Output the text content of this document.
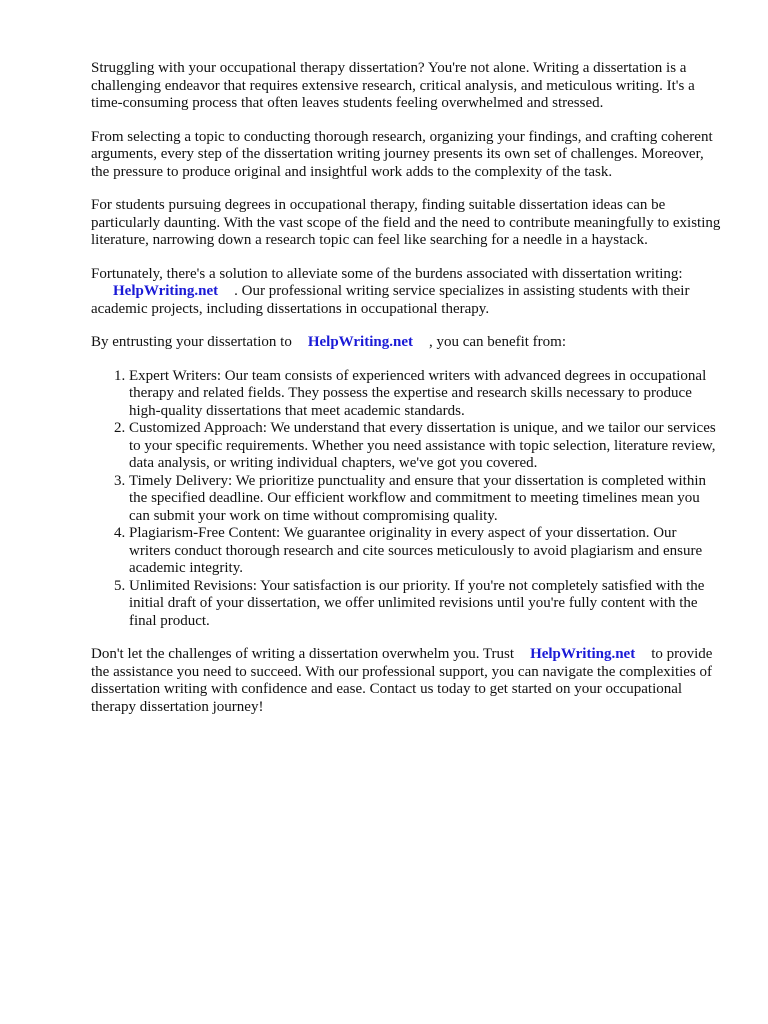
Struggling with your occupational therapy dissertation? You're not alone. Writing a dissertation is a challenging endeavor that requires extensive research, critical analysis, and meticulous writing. It's a time-consuming process that often leaves students feeling overwhelmed and stressed.

From selecting a topic to conducting thorough research, organizing your findings, and crafting coherent arguments, every step of the dissertation writing journey presents its own set of challenges. Moreover, the pressure to produce original and insightful work adds to the complexity of the task.

For students pursuing degrees in occupational therapy, finding suitable dissertation ideas can be particularly daunting. With the vast scope of the field and the need to contribute meaningfully to existing literature, narrowing down a research topic can feel like searching for a needle in a haystack.

Fortunately, there's a solution to alleviate some of the burdens associated with dissertation writing:
HelpWriting.net . Our professional writing service specializes in assisting students with their academic projects, including dissertations in occupational therapy.

By entrusting your dissertation to HelpWriting.net , you can benefit from:

1. Expert Writers: Our team consists of experienced writers with advanced degrees in occupational therapy and related fields. They possess the expertise and research skills necessary to produce high-quality dissertations that meet academic standards.
2. Customized Approach: We understand that every dissertation is unique, and we tailor our services to your specific requirements. Whether you need assistance with topic selection, literature review, data analysis, or writing individual chapters, we've got you covered.
3. Timely Delivery: We prioritize punctuality and ensure that your dissertation is completed within the specified deadline. Our efficient workflow and commitment to meeting timelines mean you can submit your work on time without compromising quality.
4. Plagiarism-Free Content: We guarantee originality in every aspect of your dissertation. Our writers conduct thorough research and cite sources meticulously to avoid plagiarism and ensure academic integrity.
5. Unlimited Revisions: Your satisfaction is our priority. If you're not completely satisfied with the initial draft of your dissertation, we offer unlimited revisions until you're fully content with the final product.

Don't let the challenges of writing a dissertation overwhelm you. Trust HelpWriting.net to provide the assistance you need to succeed. With our professional support, you can navigate the complexities of dissertation writing with confidence and ease. Contact us today to get started on your occupational therapy dissertation journey!
